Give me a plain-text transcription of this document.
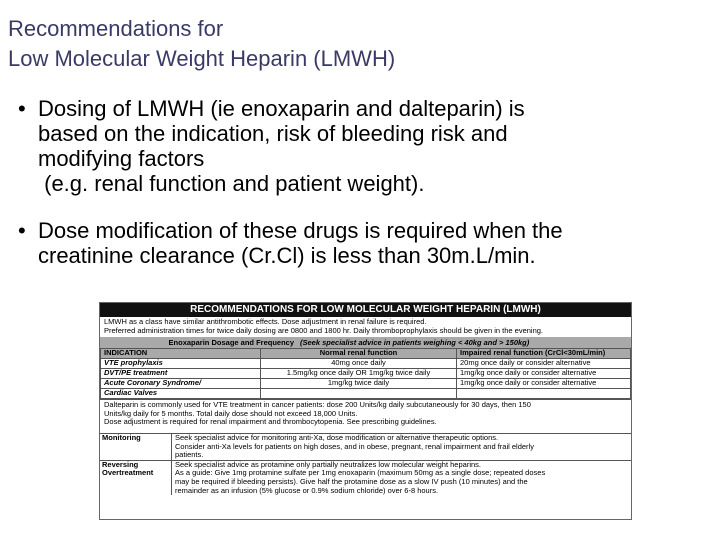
Recommendations for
Low Molecular Weight Heparin (LMWH)
• Dosing of LMWH (ie enoxaparin and dalteparin) is
based on the indication, risk of bleeding risk and
modifying factors
(e.g. renal function and patient weight).
• Dose modification of these drugs is required when the
creatinine clearance (Cr.Cl) is less than 30m.L/min.
RECOMMENDATIONS FOR LOW MOLECULAR WEIGHT HEPARIN (LMWH)
LMWH as a class have similar antithrombotic effects. Dose adjustment in renal failure is required.
Preferred administration times for twice daily dosing are 0800 and 1800 hr. Daily thromboprophylaxis should be given in the evening.
Enoxaparin Dosage and Frequency (Seek specialist advice in patients weighing < 40kg and > 150kg)
INDICATION	Normal renal function	Impaired renal function (CrCl<30mL/min)
VTE prophylaxis	40mg once daily	20mg once daily or consider alternative
DVT/PE treatment	1.5mg/kg once daily OR 1mg/kg twice daily	1mg/kg once daily or consider alternative
Acute Coronary Syndrome/	1mg/kg twice daily	1mg/kg once daily or consider alternative
Cardiac Valves		
Dalteparin is commonly used for VTE treatment in cancer patients: dose 200 Units/kg daily subcutaneously for 30 days, then 150
Units/kg daily for 5 months. Total daily dose should not exceed 18,000 Units.
Dose adjustment is required for renal impairment and thrombocytopenia. See prescribing guidelines.
Monitoring	Seek specialist advice for monitoring anti-Xa, dose modification or alternative therapeutic options.
Consider anti-Xa levels for patients on high doses, and in obese, pregnant, renal impairment and frail elderly
patients.
Reversing Overtreatment
Seek specialist advice as protamine only partially neutralizes low molecular weight heparins.
As a guide: Give 1mg protamine sulfate per 1mg enoxaparin (maximum 50mg as a single dose; repeated doses
may be required if bleeding persists). Give half the protamine dose as a slow IV push (10 minutes) and the
remainder as an infusion (5% glucose or 0.9% sodium chloride) over 6-8 hours.
